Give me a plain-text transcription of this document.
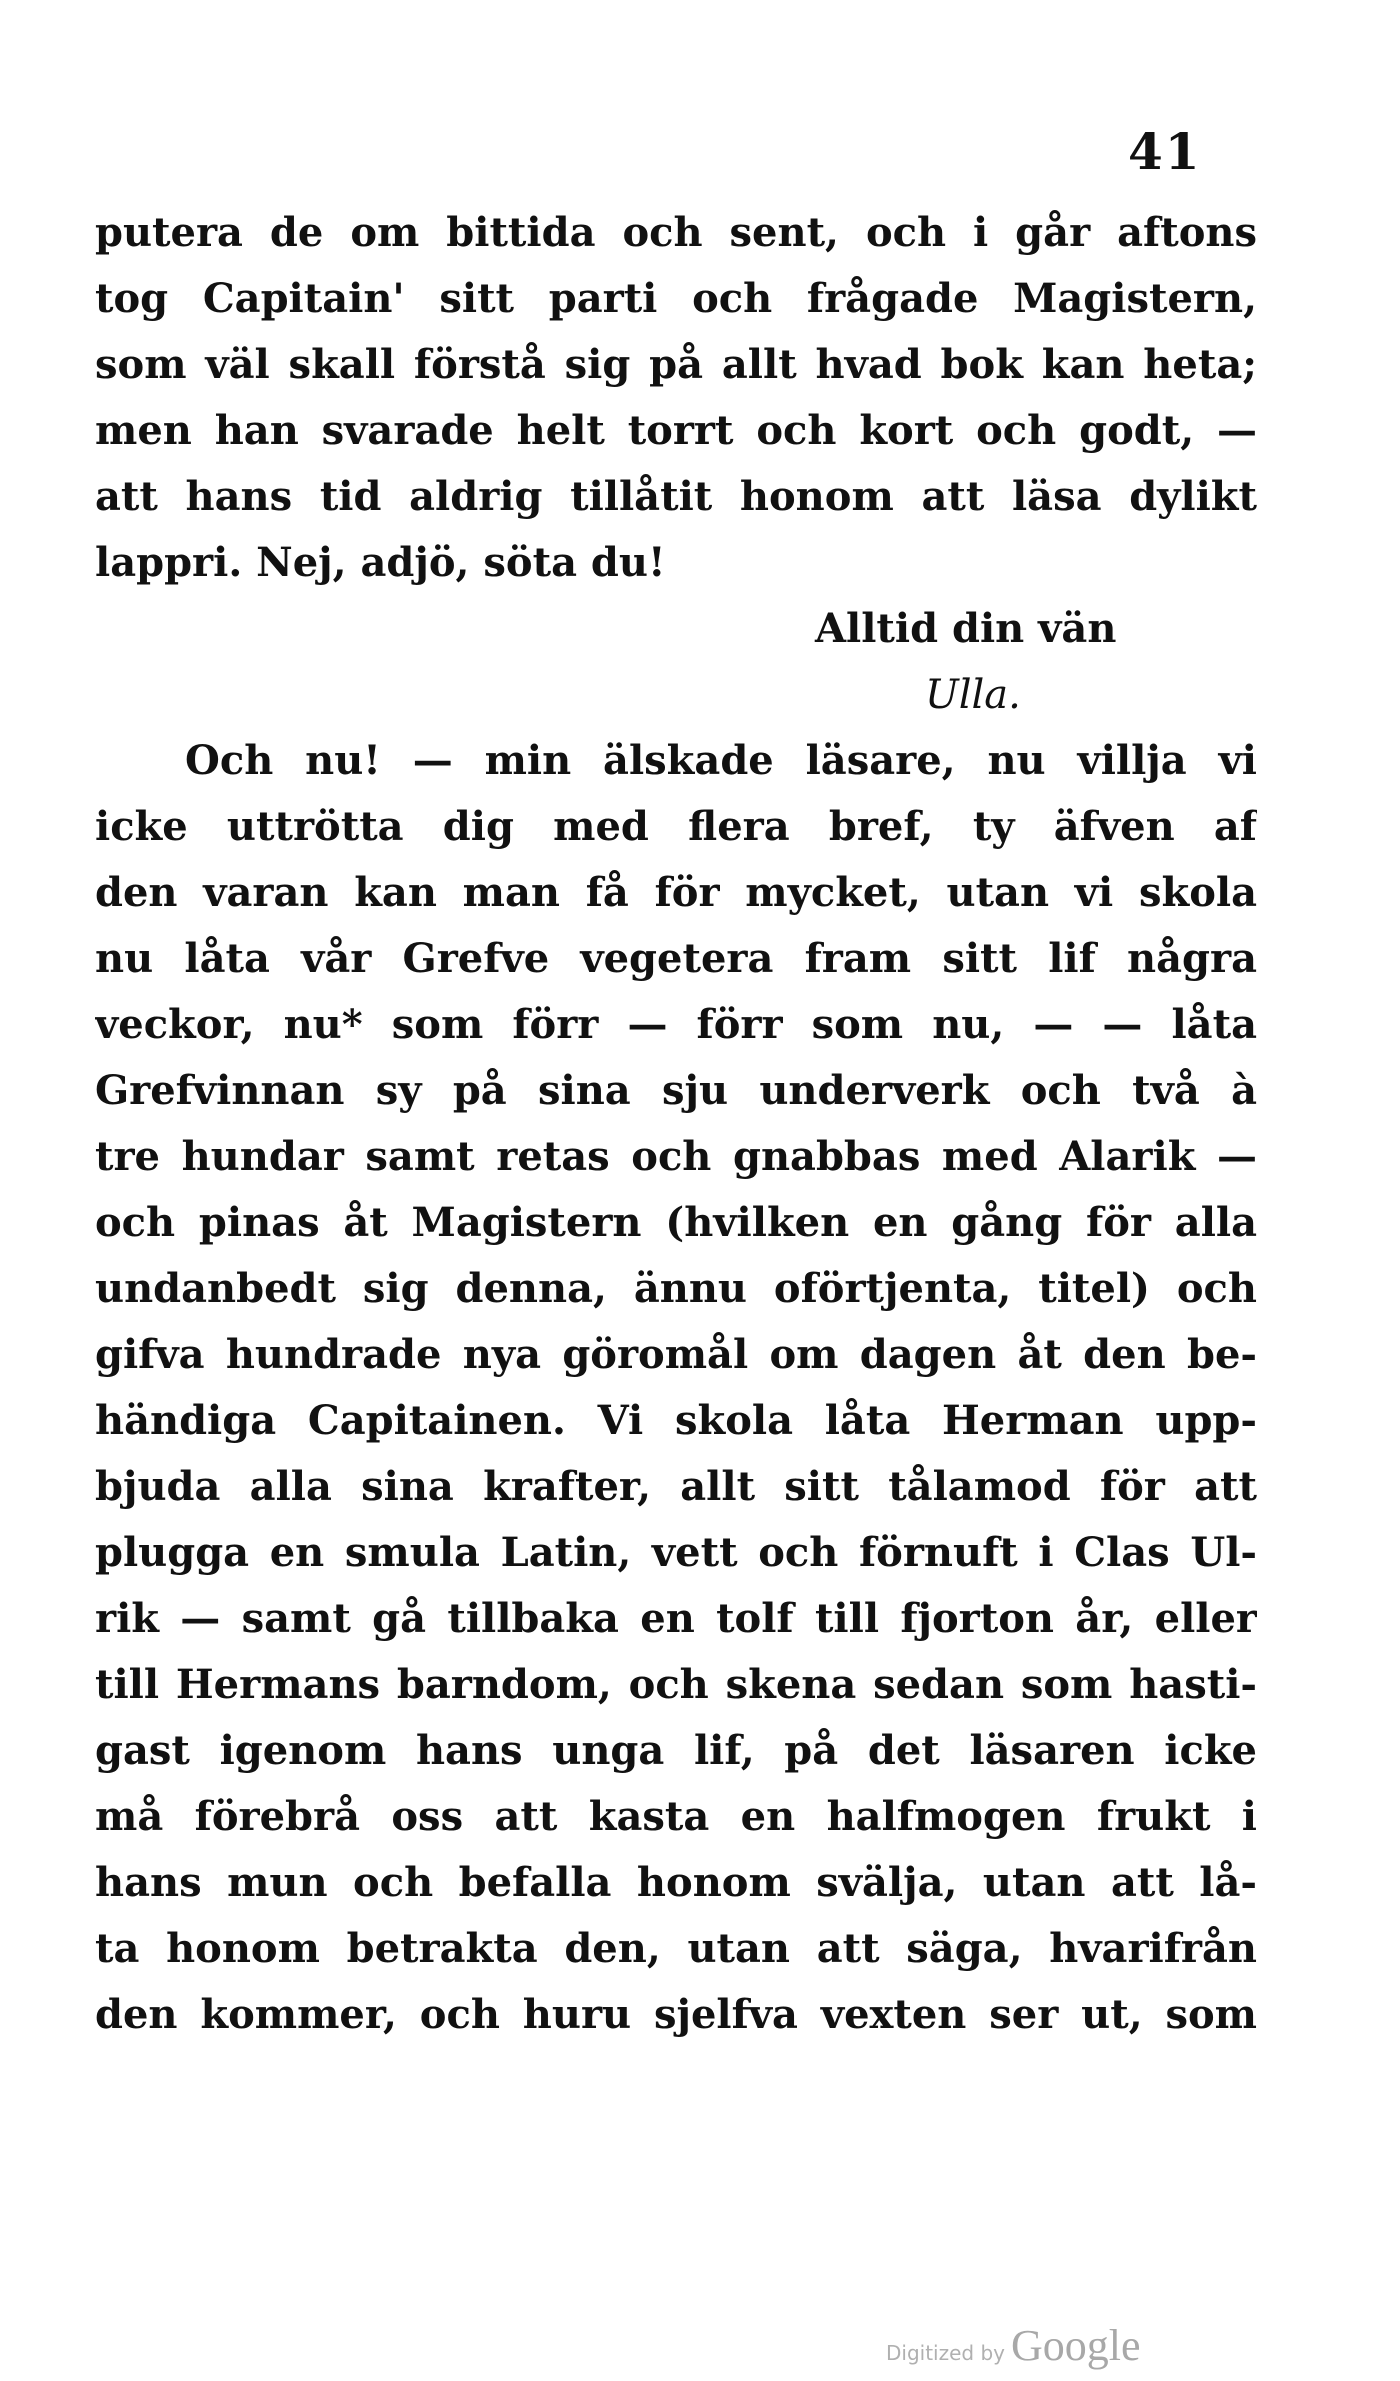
41
putera de om bittida och sent, och i går aftons
tog Capitain' sitt parti och frågade Magistern,
som väl skall förstå sig på allt hvad bok kan heta;
men han svarade helt torrt och kort och godt, —
att hans tid aldrig tillåtit honom att läsa dylikt
lappri. Nej, adjö, söta du!
Alltid din vän
Ulla.
Och nu! — min älskade läsare, nu villja vi
icke uttrötta dig med flera bref, ty äfven af
den varan kan man få för mycket, utan vi skola
nu låta vår Grefve vegetera fram sitt lif några
veckor, nu* som förr — förr som nu, — — låta
Grefvinnan sy på sina sju underverk och två à
tre hundar samt retas och gnabbas med Alarik —
och pinas åt Magistern (hvilken en gång för alla
undanbedt sig denna, ännu oförtjenta, titel) och
gifva hundrade nya göromål om dagen åt den be-
händiga Capitainen. Vi skola låta Herman upp-
bjuda alla sina krafter, allt sitt tålamod för att
plugga en smula Latin, vett och förnuft i Clas Ul-
rik — samt gå tillbaka en tolf till fjorton år, eller
till Hermans barndom, och skena sedan som hasti-
gast igenom hans unga lif, på det läsaren icke
må förebrå oss att kasta en halfmogen frukt i
hans mun och befalla honom svälja, utan att lå-
ta honom betrakta den, utan att säga, hvarifrån
den kommer, och huru sjelfva vexten ser ut, som
Digitized by Google
